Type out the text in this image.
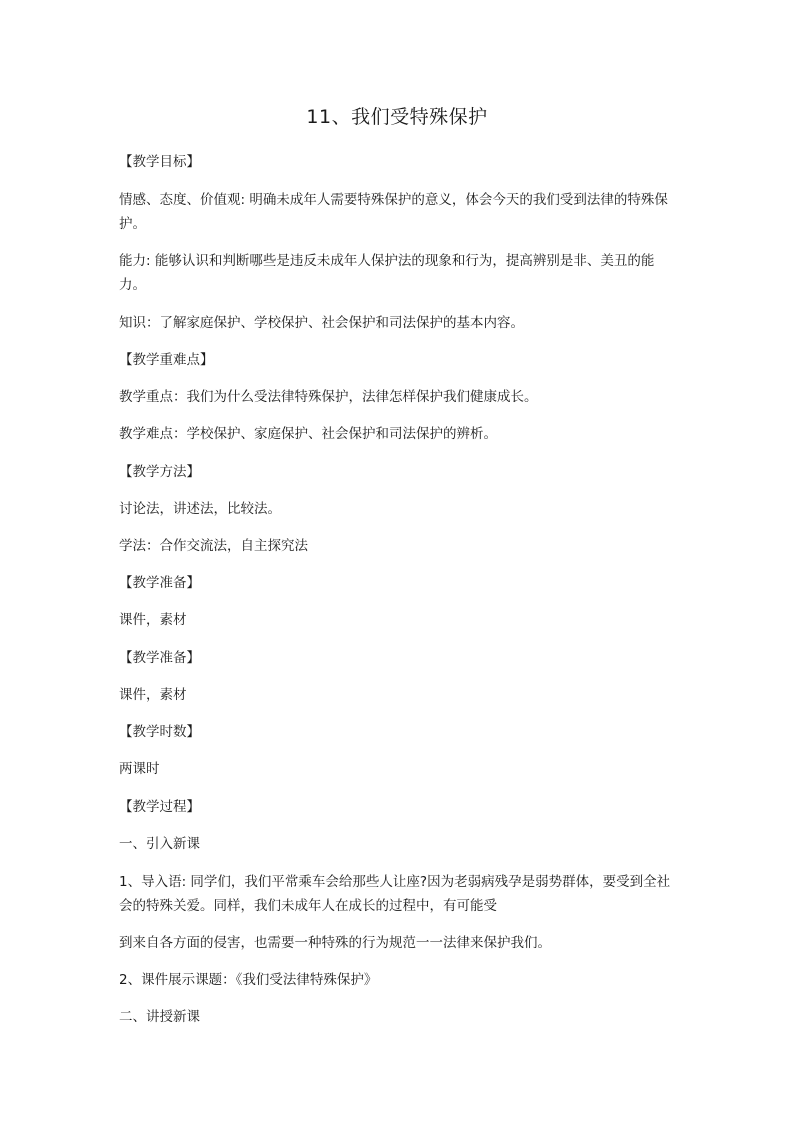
11、我们受特殊保护
【教学目标】
情感、态度、价值观: 明确未成年人需要特殊保护的意义，体会今天的我们受到法律的特殊保护。
能力: 能够认识和判断哪些是违反未成年人保护法的现象和行为，提高辨别是非、美丑的能力。
知识：了解家庭保护、学校保护、社会保护和司法保护的基本内容。
【教学重难点】
教学重点：我们为什么受法律特殊保护，法律怎样保护我们健康成长。
教学难点：学校保护、家庭保护、社会保护和司法保护的辨析。
【教学方法】
讨论法，讲述法，比较法。
学法：合作交流法，自主探究法
【教学准备】
课件，素材
【教学准备】
课件，素材
【教学时数】
两课时
【教学过程】
一、引入新课
1、导入语: 同学们，我们平常乘车会给那些人让座?因为老弱病残孕是弱势群体，要受到全社会的特殊关爱。同样，我们未成年人在成长的过程中，有可能受
到来自各方面的侵害，也需要一种特殊的行为规范一一法律来保护我们。
2、课件展示课题：《我们受法律特殊保护》
二、讲授新课
